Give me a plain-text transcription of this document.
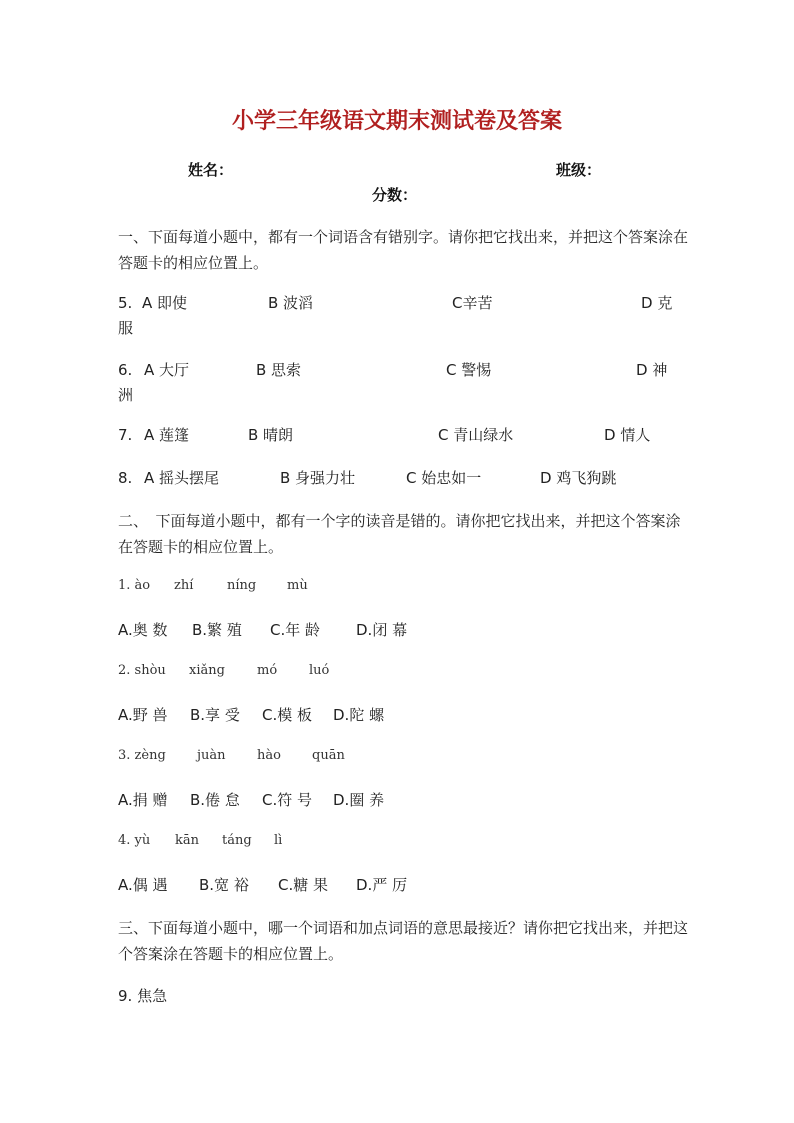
小学三年级语文期末测试卷及答案
姓名：	班级：
分数：
一、下面每道小题中，都有一个词语含有错别字。请你把它找出来，并把这个答案涂在答题卡的相应位置上。
5. A 即使	B 波滔	C辛苦	D 克
服
6. A 大厅	B 思索	C 警惕	D 神
洲
7. A 莲篷	B 晴朗	C 青山绿水	D 情人
8. A 摇头摆尾	B 身强力壮	C 始忠如一	D 鸡飞狗跳
二、　下面每道小题中，都有一个字的读音是错的。请你把它找出来，并把这个答案涂在答题卡的相应位置上。
1. ào zhí	níng mù
A.奥 数 B.繁 殖 C.年 龄 D.闭 幕
2. shòu xiǎng mó luó
A.野 兽 B.享 受 C.模 板 D.陀 螺
3. zèng juàn hào quān
A.捐 赠 B.倦 怠 C.符 号 D.圈 养
4. yù kān táng lì
A.偶 遇 B.宽 裕 C.糖 果 D.严 厉
三、下面每道小题中，哪一个词语和加点词语的意思最接近？请你把它找出来，并把这个答案涂在答题卡的相应位置上。
9. 焦急
